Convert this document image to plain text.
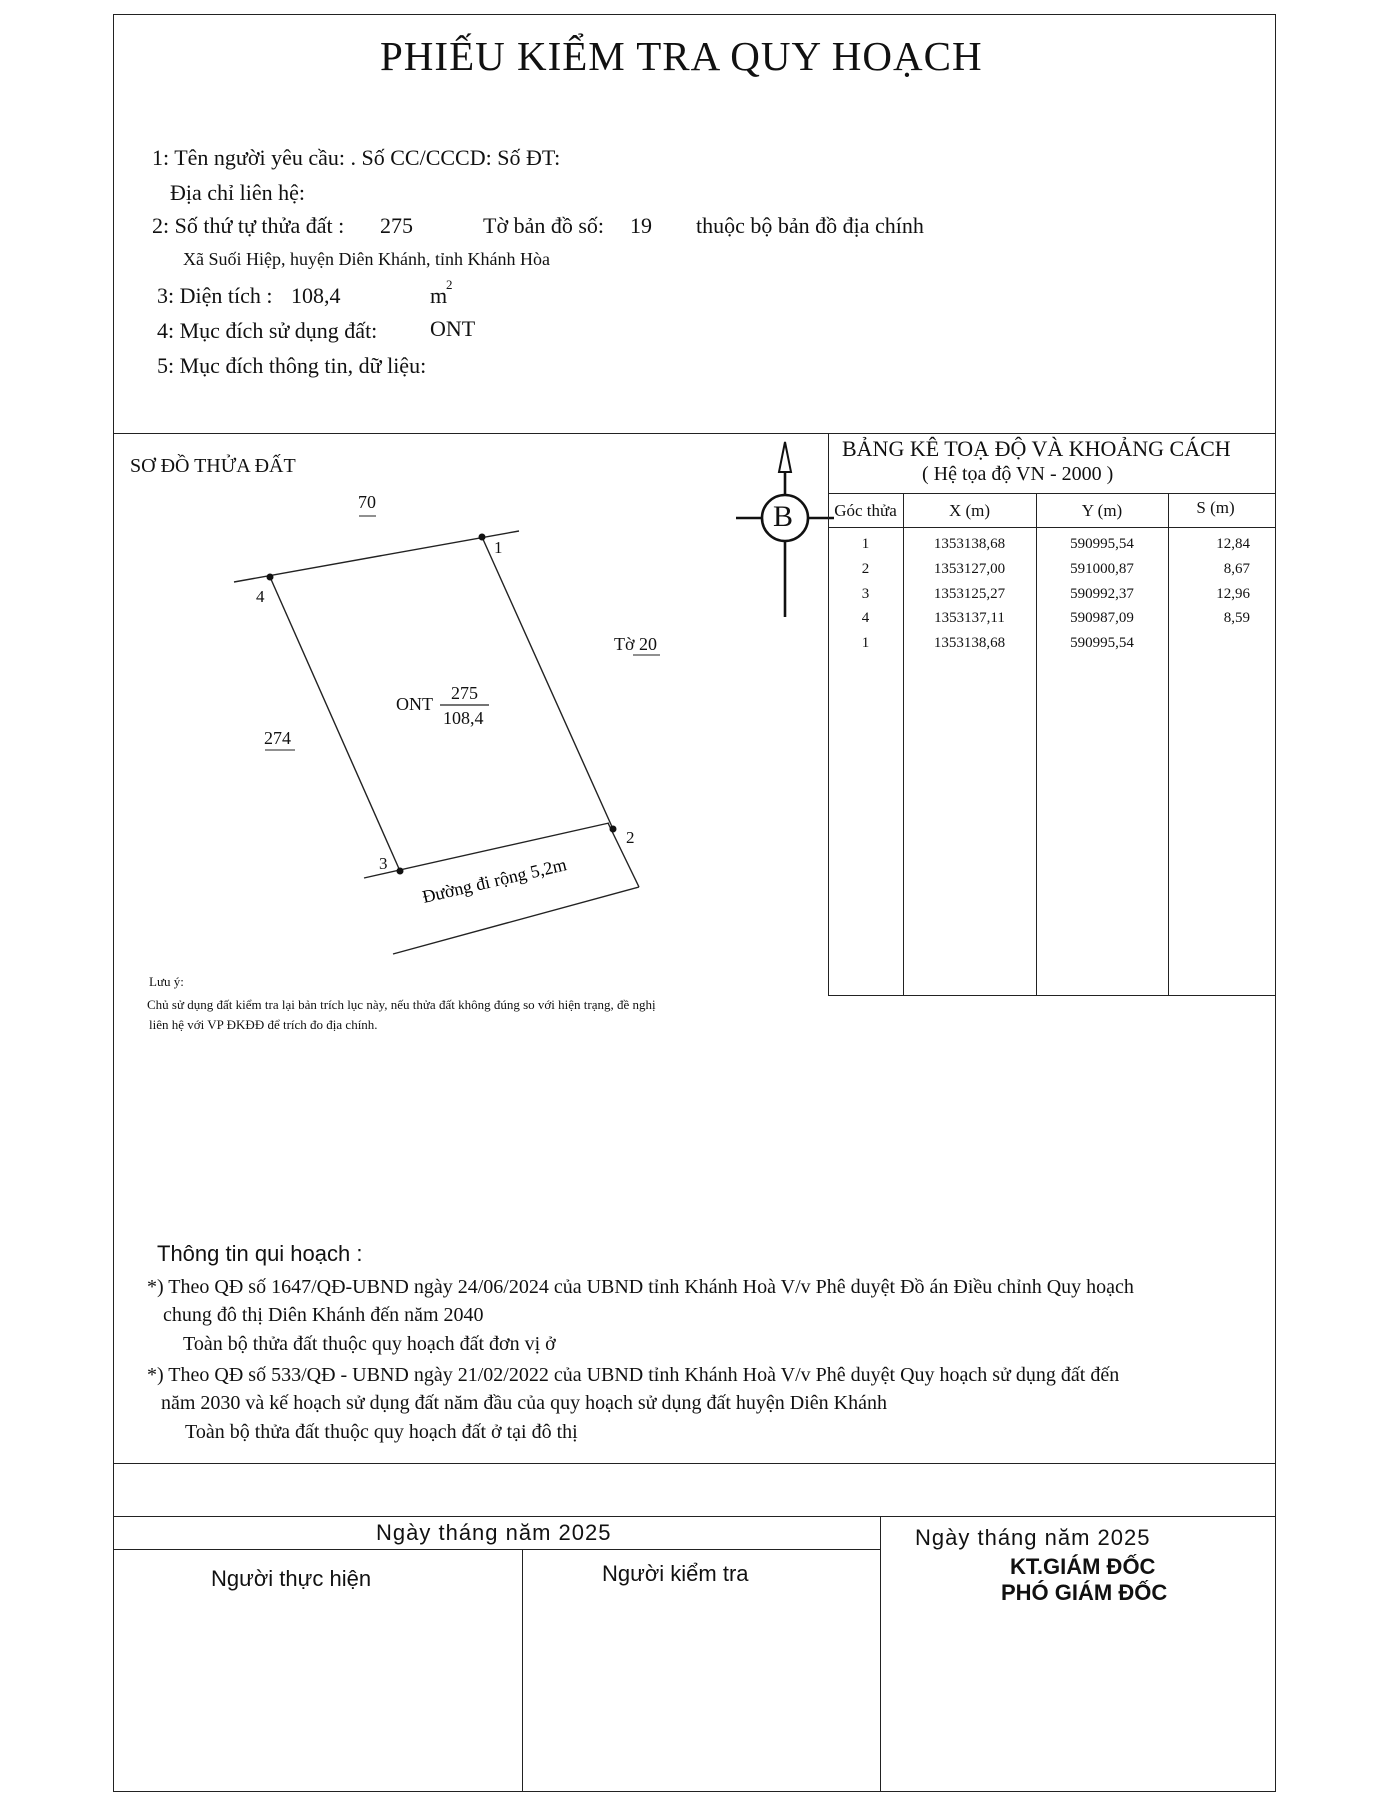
PHIẾU KIỂM TRA QUY HOẠCH
1: Tên người yêu cầu: . Số CC/CCCD: Số ĐT:
Địa chỉ liên hệ:
2: Số thứ tự thửa đất : 275	Tờ bản đồ số: 19 thuộc bộ bản đồ địa chính
Xã Suối Hiệp, huyện Diên Khánh, tỉnh Khánh Hòa
3: Diện tích : 108,4	m
2
4: Mục đích sử dụng đất: ONT
5: Mục đích thông tin, dữ liệu:
SƠ ĐỒ THỬA ĐẤT
Đường đi rộng 5,2m
70
274
Tờ 20
ONT
275
108,4
1
2
3
4
B
Lưu ý:
Chủ sử dụng đất kiểm tra lại bản trích lục này, nếu thửa đất không đúng so với hiện trạng, đề nghị
liên hệ với VP ĐKĐĐ để trích đo địa chính.
BẢNG KÊ TOẠ ĐỘ VÀ KHOẢNG CÁCH
( Hệ tọa độ VN - 2000 )
Góc thửa	X (m)	Y (m)	S (m)
1	1353138,68	590995,54	12,84
2	1353127,00	591000,87	8,67
3	1353125,27	590992,37	12,96
4	1353137,11	590987,09	8,59
1	1353138,68	590995,54
Thông tin qui hoạch :
*) Theo QĐ số 1647/QĐ-UBND ngày 24/06/2024 của UBND tỉnh Khánh Hoà V/v Phê duyệt Đồ án Điều chỉnh Quy hoạch
chung đô thị Diên Khánh đến năm 2040
Toàn bộ thửa đất thuộc quy hoạch đất đơn vị ở
*) Theo QĐ số 533/QĐ - UBND ngày 21/02/2022 của UBND tỉnh Khánh Hoà V/v Phê duyệt Quy hoạch sử dụng đất đến
năm 2030 và kế hoạch sử dụng đất năm đầu của quy hoạch sử dụng đất huyện Diên Khánh
Toàn bộ thửa đất thuộc quy hoạch đất ở tại đô thị
Ngày tháng năm 2025
Người thực hiện	Người kiểm tra
Ngày tháng năm 2025
KT.GIÁM ĐỐC
PHÓ GIÁM ĐỐC
